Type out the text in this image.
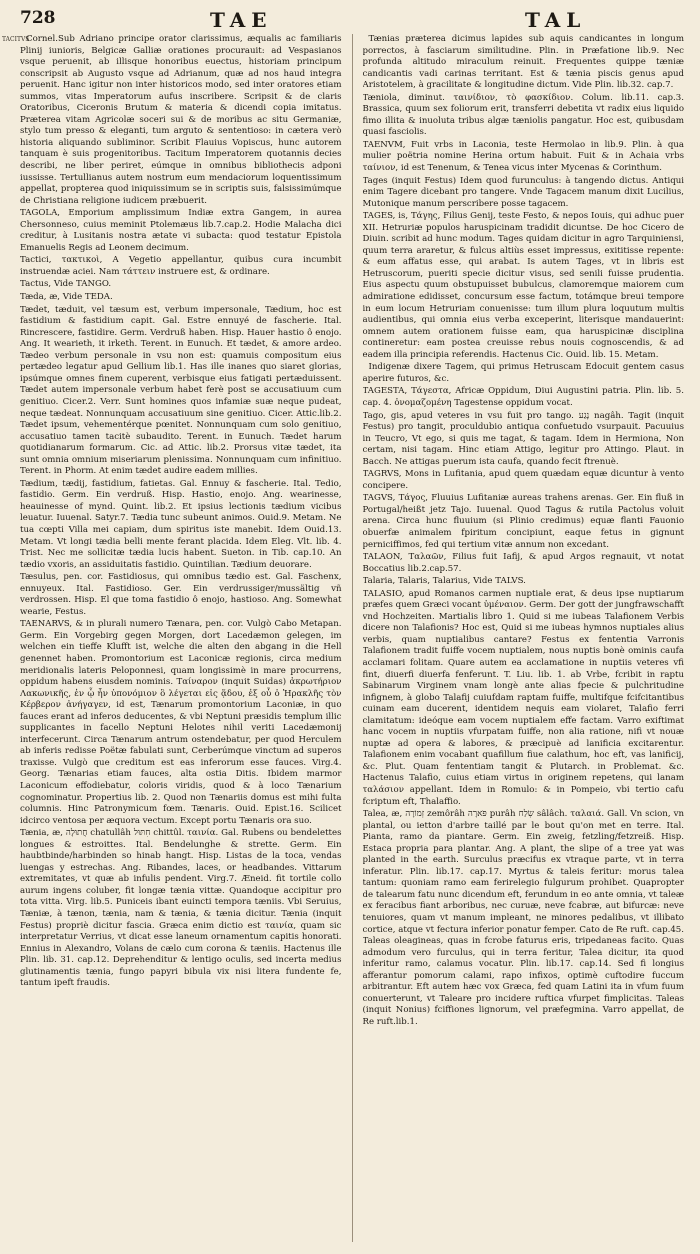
728	TAE	TAL
TACITVS

Cornel.Sub Adriano principe orator clarissimus, æqualis ac familiaris Plinij iunioris, Belgicæ Galliæ orationes procurauit: ad Vespasianos vsque peruenit, ab illisque honoribus euectus, historiam principum conscripsit ab Augusto vsque ad Adrianum, quæ ad nos haud integra peruenit. Hanc igitur non inter historicos modo, sed inter oratores etiam summos, vitas Imperatorum aufus inscribere. Scripsit & de claris Oratoribus, Ciceronis Brutum & materia & dicendi copia imitatus. Præterea vitam Agricolæ soceri sui & de moribus ac situ Germaniæ, stylo tum presso & eleganti, tum arguto & sententioso: in cætera verò historia aliquando subliminor. Scribit Flauius Vopiscus, hunc autorem tanquam è suis progenitoribus. Tacitum Imperatorem quotannis decies describi, ne liber periret, eúmque in omnibus bibliothecis adponi iussisse. Tertullianus autem nostrum eum mendaciorum loquentissimum appellat, propterea quod iniquissimum se in scriptis suis, falsissimúmque de Christiana religione iudicem præbuerit.

TAGOLA, Emporium amplissimum Indiæ extra Gangem, in aurea Chersonneso, cuius meminit Ptolemæus lib.7.cap.2. Hodie Malacha dici creditur, à Lusitanis nostra ætate vi subacta: quod testatur Epistola Emanuelis Regis ad Leonem decimum.

Tactici, τακτικοὶ, A Vegetio appellantur, quibus cura incumbit instruendæ aciei. Nam τάττειν instruere est, & ordinare.

Tactus, Vide TANGO.

Tæda, æ, Vide TEDA.

Tædet, tæduit, vel tæsum est, verbum impersonale, Tædium, hoc est fastidium & fastidium capit. Gal. Estre ennuyé de fascherie. Ital. Rincrescere, fastidire. Germ. Verdruß haben. Hisp. Hauer hastio ô enojo. Ang. It wearieth, it irketh. Terent. in Eunuch. Et tædet, & amore ardeo. Tædeo verbum personale in vsu non est: quamuis compositum eius pertædeo legatur apud Gellium lib.1. Has ille inanes quo siaret glorias, ipsúmque omnes finem cuperent, verbisque eius fatigati pertæduissent. Tædet autem impersonale verbum habet ferè post se accusatiuum cum genitiuo. Cicer.2. Verr. Sunt homines quos infamiæ suæ neque pudeat, neque tædeat. Nonnunquam accusatiuum sine genitiuo. Cicer. Attic.lib.2. Tædet ipsum, vehementérque pœnitet. Nonnunquam cum solo genitiuo, accusatiuo tamen tacitè subaudito. Terent. in Eunuch. Tædet harum quotidianarum formarum. Cic. ad Attic. lib.2. Prorsus vitæ tædet, ita sunt omnia omnium miseriarum plenissima. Nonnunquam cum infinitiuo. Terent. in Phorm. At enim tædet audire eadem millies.

Tædium, tædij, fastidium, fatietas. Gal. Ennuy & fascherie. Ital. Tedio, fastidio. Germ. Ein verdruß. Hisp. Hastio, enojo. Ang. wearinesse, heauinesse of mynd. Quint. lib.2. Et ipsius lectionis tædium vicibus leuatur. Iuuenal. Satyr.7. Tædia tunc subeunt animos. Ouid.9. Metam. Ne tua cœpti Villa mei capiam, dum spiritus iste manebit. Idem Ouid.13. Metam. Vt longi tædia belli mente ferant placida. Idem Eleg. Vlt. lib. 4. Trist. Nec me sollicitæ tædia lucis habent. Sueton. in Tib. cap.10. An tædio vxoris, an assiduitatis fastidio. Quintilian. Tædium deuorare.

Tæsulus, pen. cor. Fastidiosus, qui omnibus tædio est. Gal. Faschenx, ennuyeux. Ital. Fastidioso. Ger. Ein verdrussiger/mussältig vñ verdrossen. Hisp. El que toma fastidio ô enojo, hastioso. Ang. Somewhat wearie, Festus.

TAENARVS, & in plurali numero Tænara, pen. cor. Vulgò Cabo Metapan. Germ. Ein Vorgebirg gegen Morgen, dort Lacedæmon gelegen, im welchen ein tieffe Klufft ist, welche die alten den abgang in die Hell genennet haben. Promontorium est Laconicæ regionis, circa medium meridionalis lateris Peloponnesi, quam longissimè in mare procurrens, oppidum habens eiusdem nominis. Ταίναρον (inquit Suidas) ἀκρωτήριον Λακωνικῆς, ἐν ᾧ ἦν ὑπονόμιον ὃ λέγεται εἰς ᾅδου, ἐξ οὗ ὁ Ἡρακλῆς τὸν Κέρβερον ἀνήγαγεν, id est, Tænarum promontorium Laconiæ, in quo fauces erant ad inferos deducentes, & vbi Neptuni præsidis templum illic supplicantes in facello Neptuni Helotes nihil veriti Lacedæmonij interfecerunt. Circa Tænarum antrum ostendebatur, per quod Herculem ab inferis redisse Poëtæ fabulati sunt, Cerberúmque vinctum ad superos traxisse. Vulgò que creditum est eas inferorum esse fauces. Virg.4. Georg. Tænarias etiam fauces, alta ostia Ditis. Ibidem marmor Laconicum effodiebatur, coloris viridis, quod & à loco Tænarium cognominatur. Propertius lib. 2. Quod non Tænariis domus est mihi fulta columnis. Hinc Patronymicum fœm. Tænaris. Ouid. Epist.16. Scilicet idcirco ventosa per æquora vectum. Except portu Tænaris ora suo.

Tænia, æ, חֲתוּלָה chatullâh חִתּוּל chittûl. ταινία. Gal. Rubens ou bendelettes longues & estroittes. Ital. Bendelunghe & strette. Germ. Ein haubtbinde/harbinden so hinab hangt. Hisp. Listas de la toca, vendas luengas y estrechas. Ang. Ribandes, laces, or headbandes. Vittarum extremitates, vt quæ ab infulis pendent. Virg.7. Æneid. fit tortile collo aurum ingens coluber, fit longæ tænia vittæ. Quandoque accipitur pro tota vitta. Virg. lib.5. Puniceis ibant euincti tempora tæniis. Vbi Seruius, Tæniæ, à tænon, tænia, nam & tænia, & tænia dicitur. Tænia (inquit Festus) propriè dicitur fascia. Græca enim dictio est ταινία, quam sic interpretatur Verrius, vt dicat esse laneum ornamentum capitis honorati. Ennius in Alexandro, Volans de cælo cum corona & tæniis. Hactenus ille Plin. lib. 31. cap.12. Deprehenditur & lentigo oculis, sed incerta medius glutinamentis tænia, fungo papyri bibula vix nisi litera fundente fe, tantum ipeft fraudis.

Tænias præterea dicimus lapides sub aquis candicantes in longum porrectos, à fasciarum similitudine. Plin. in Præfatione lib.9. Nec profunda altitudo miraculum reinuit. Frequentes quippe tæniæ candicantis vadi carinas territant. Est & tænia piscis genus apud Aristotelem, à gracilitate & longitudine dictum. Vide Plin. lib.32. cap.7.

Tæniola, diminut. ταινίδιον, τὸ φασκίδιον. Colum. lib.11. cap.3. Brassica, quum sex foliorum erit, transferri debetita vt radix eius liquido fimo illita & inuoluta tribus algæ tæniolis pangatur. Hoc est, quibusdam quasi fasciolis.

TAENVM, Fuit vrbs in Laconia, teste Hermolao in lib.9. Plin. à qua mulier poëtria nomine Herina ortum habuit. Fuit & in Achaia vrbs ταίνιον, id est Tenenum, & Tenea vicus inter Mycenas & Corinthum.

Tages (inquit Festus) Idem quod furunculus: à tangendo dictus. Antiqui enim Tagere dicebant pro tangere. Vnde Tagacem manum dixit Lucilius, Mutonique manum perscribere posse tagacem.

TAGES, is, Τάγης, Filius Genij, teste Festo, & nepos Iouis, qui adhuc puer XII. Hetruriæ populos haruspicinam tradidit dicuntse. De hoc Cicero de Diuin. scribit ad hunc modum. Tages quidam dicitur in agro Tarquiniensi, quum terra araretur, & fulcus altiùs esset impressus, exititisse repente: & eum affatus esse, qui arabat. Is autem Tages, vt in libris est Hetruscorum, pueriti specie dicitur visus, sed senili fuisse prudentia. Eius aspectu quum obstupuisset bubulcus, clamoremque maiorem cum admiratione edidisset, concursum esse factum, totámque breui tempore in eum locum Hetruriam conuenisse: tum illum plura loquutum multis audientibus, qui omnia eius verba exceperint, literisque mandauerint: omnem autem orationem fuisse eam, qua haruspicinæ disciplina contineretur: eam postea creuisse rebus nouis cognoscendis, & ad eadem illa principia referendis. Hactenus Cic. Ouid. lib. 15. Metam.

Indigenæ dixere Tagem, qui primus Hetruscam Edocuit gentem casus aperire futuros, &c.

TAGESTA, Τάγεστα, Africæ Oppidum, Diui Augustini patria. Plin. lib. 5. cap. 4. ὀνομαζομένη Tagestense oppidum vocat.

Tago, gis, apud veteres in vsu fuit pro tango. נָגַע nagâh. Tagit (inquit Festus) pro tangit, proculdubio antiqua confuetudo vsurpauit. Pacuuius in Teucro, Vt ego, si quis me tagat, & tagam. Idem in Hermiona, Non certam, nisi tagam. Hinc etiam Attigo, legitur pro Attingo. Plaut. in Bacch. Ne attigas puerum ista caufa, quando fecit ftrenuè.

TAGRVS, Mons in Lufitania, apud quem quædam equæ dicuntur à vento concipere.

TAGVS, Τάγος, Fluuius Lufitaniæ aureas trahens arenas. Ger. Ein fluß in Portugal/heißt jetz Tajo. Iuuenal. Quod Tagus & rutila Pactolus voluit arena. Circa hunc fluuium (si Plinio credimus) equæ flanti Fauonio obuerfæ animalem fpiritum concipiunt, eaque fetus in gignunt perniciffimos, fed qui tertium vitæ annum non excedant.

TALAON, Ταλαῶν, Filius fuit Iafij, & apud Argos regnauit, vt notat Boccatius lib.2.cap.57.

Talaria, Talaris, Talarius, Vide TALVS.

TALASIO, apud Romanos carmen nuptiale erat, & deus ipse nuptiarum præfes quem Græci vocant ὑμέναιον. Germ. Der gott der jungfrawschafft vnd Hochzeiten. Martialis libro 1. Quid si me iubeas Talafionem Verbis dicere non Talafionis? Hoc est, Quid si me iubeas hymnos nuptiales alius verbis, quam nuptialibus cantare? Festus ex fententia Varronis Talafionem tradit fuiffe vocem nuptialem, nous nuptis bonè ominis caufa acclamari folitam. Quare autem ea acclamatione in nuptiis veteres vfi fint, diuerfi diuerfa fenferunt. T. Liu. lib. 1. ab Vrbe, fcribit in raptu Sabinarum Virginem vnam longè ante alias fpecie & pulchritudine infignem, à globo Talafij cuiufdam raptam fuiffe, multifque fcifcitantibus cuinam eam ducerent, identidem nequis eam violaret, Talafio ferri clamitatum: ideóque eam vocem nuptialem effe factam. Varro exiftimat hanc vocem in nuptiis vfurpatam fuiffe, non alia ratione, nifi vt nouæ nuptæ ad opera & labores, & præcipuè ad lanificia excitarentur. Talafionem enim vocabant quafillum fiue calathum, hoc eft, vas lanificij, &c. Plut. Quam fententiam tangit & Plutarch. in Problemat. &c. Hactenus Talafio, cuius etiam virtus in originem repetens, qui lanam ταλάσιον appellant. Idem in Romulo: & in Pompeio, vbi tertio cafu fcriptum eft, Thalaffio.

Talea, æ, זְמוֹרָה zemôrâh פֹּארָה purâh שְׂלַח sâlâch. ταλαιά. Gall. Vn scion, vn plantal, ou ietton d'arbre taillé par le bout qu'on met en terre. Ital. Pianta, ramo da piantare. Germ. Ein zweig, fetzling/fetzreiß. Hisp. Estaca propria para plantar. Ang. A plant, the slipe of a tree yat was planted in the earth. Surculus præcifus ex vtraque parte, vt in terra inferatur. Plin. lib.17. cap.17. Myrtus & taleis feritur: morus talea tantum: quoniam ramo eam ferirelegio fulgurum prohibet. Quapropter de talearum fatu nunc dicendum eft, ferundum in eo ante omnia, vt taleæ ex feracibus fiant arboribus, nec curuæ, neve fcabræ, aut bifurcæ: neve tenuiores, quam vt manum impleant, ne minores pedalibus, vt illibato cortice, atque vt fectura inferior ponatur femper. Cato de Re ruft. cap.45. Taleas oleagineas, quas in fcrobe faturus eris, tripedaneas facito. Quas admodum vero furculus, qui in terra feritur, Talea dicitur, ita quod inferitur ramo, calamus vocatur. Plin. lib.17. cap.14. Sed fi longius afferantur pomorum calami, rapo infixos, optimè cuftodire fuccum arbitrantur. Eft autem hæc vox Græca, fed quam Latini ita in vfum fuum conuerterunt, vt Taleare pro incidere ruftica vfurpet fimplicitas. Taleas (inquit Nonius) fciffiones lignorum, vel præfegmina. Varro appellat, de Re ruft.lib.1.
